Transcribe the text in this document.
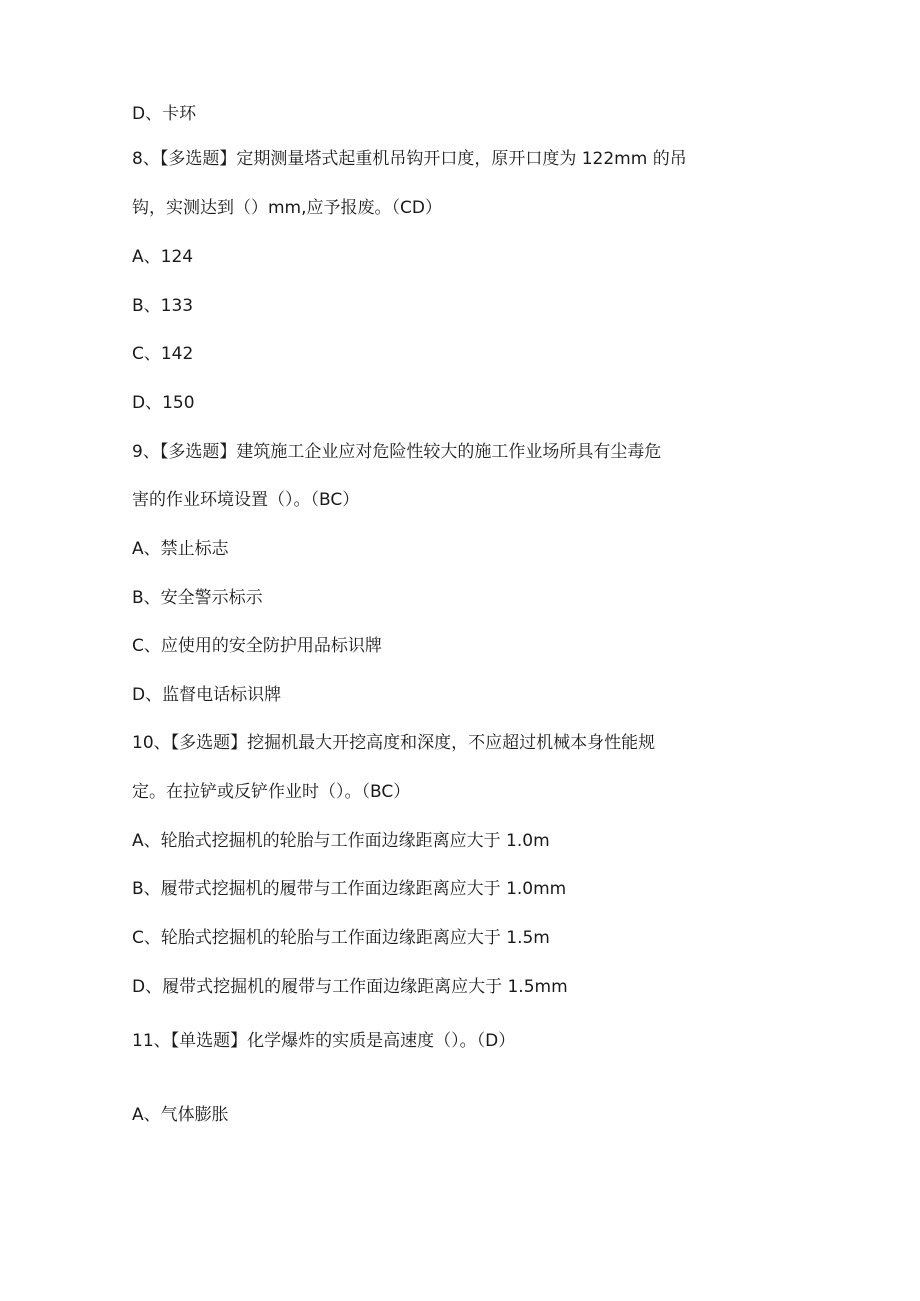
D、卡环
8、【多选题】定期测量塔式起重机吊钩开口度，原开口度为 122mm 的吊
钩，实测达到（）mm,应予报废。（CD）
A、124
B、133
C、142
D、150
9、【多选题】建筑施工企业应对危险性较大的施工作业场所具有尘毒危
害的作业环境设置（）。（BC）
A、禁止标志
B、安全警示标示
C、应使用的安全防护用品标识牌
D、监督电话标识牌
10、【多选题】挖掘机最大开挖高度和深度，不应超过机械本身性能规
定。在拉铲或反铲作业时（）。（BC）
A、轮胎式挖掘机的轮胎与工作面边缘距离应大于 1.0m
B、履带式挖掘机的履带与工作面边缘距离应大于 1.0mm
C、轮胎式挖掘机的轮胎与工作面边缘距离应大于 1.5m
D、履带式挖掘机的履带与工作面边缘距离应大于 1.5mm
11、【单选题】化学爆炸的实质是高速度（）。（D）
A、气体膨胀
